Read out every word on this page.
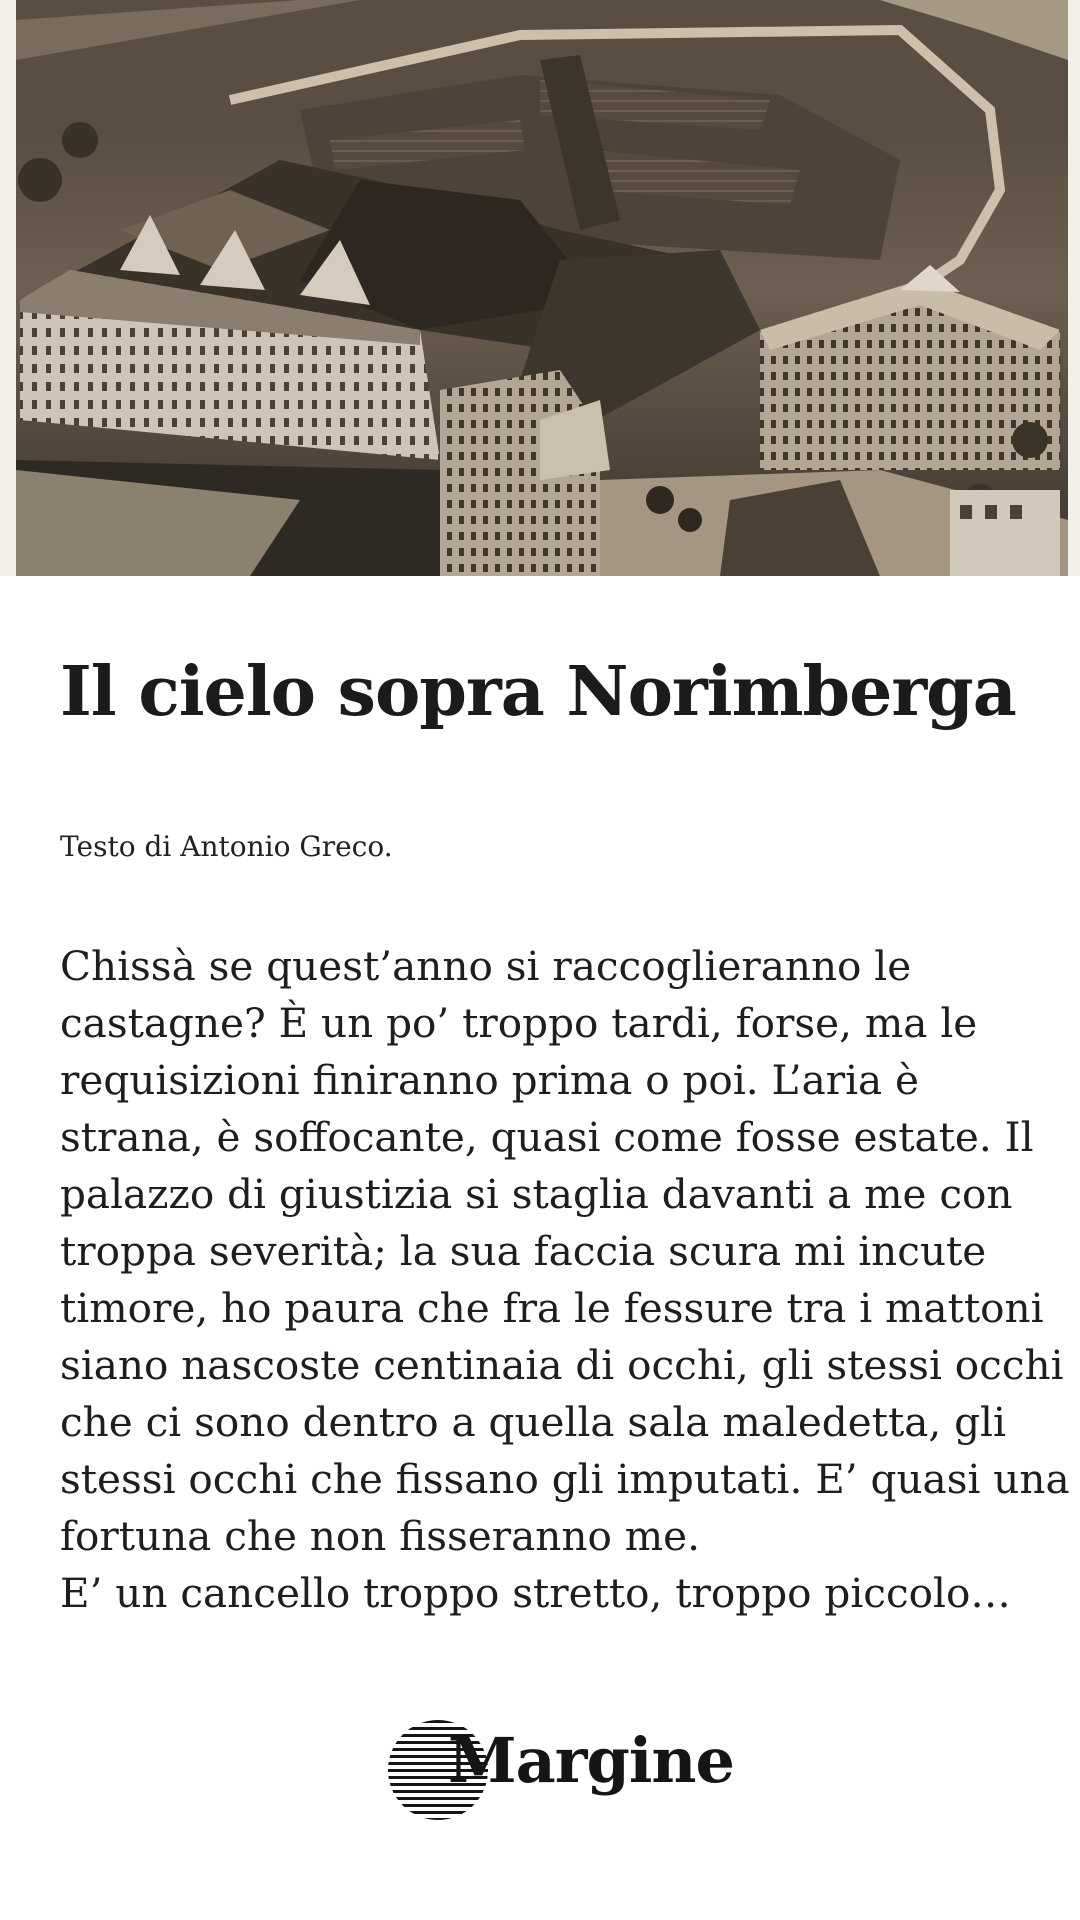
Il cielo sopra Norimberga

Testo di Antonio Greco.

Chissà se quest’anno si raccoglieranno le
castagne? È un po’ troppo tardi, forse, ma le
requisizioni finiranno prima o poi. L’aria è
strana, è soffocante, quasi come fosse estate. Il
palazzo di giustizia si staglia davanti a me con
troppa severità; la sua faccia scura mi incute
timore, ho paura che fra le fessure tra i mattoni
siano nascoste centinaia di occhi, gli stessi occhi
che ci sono dentro a quella sala maledetta, gli
stessi occhi che fissano gli imputati. E’ quasi una
fortuna che non fisseranno me.
E’ un cancello troppo stretto, troppo piccolo…

Margine
